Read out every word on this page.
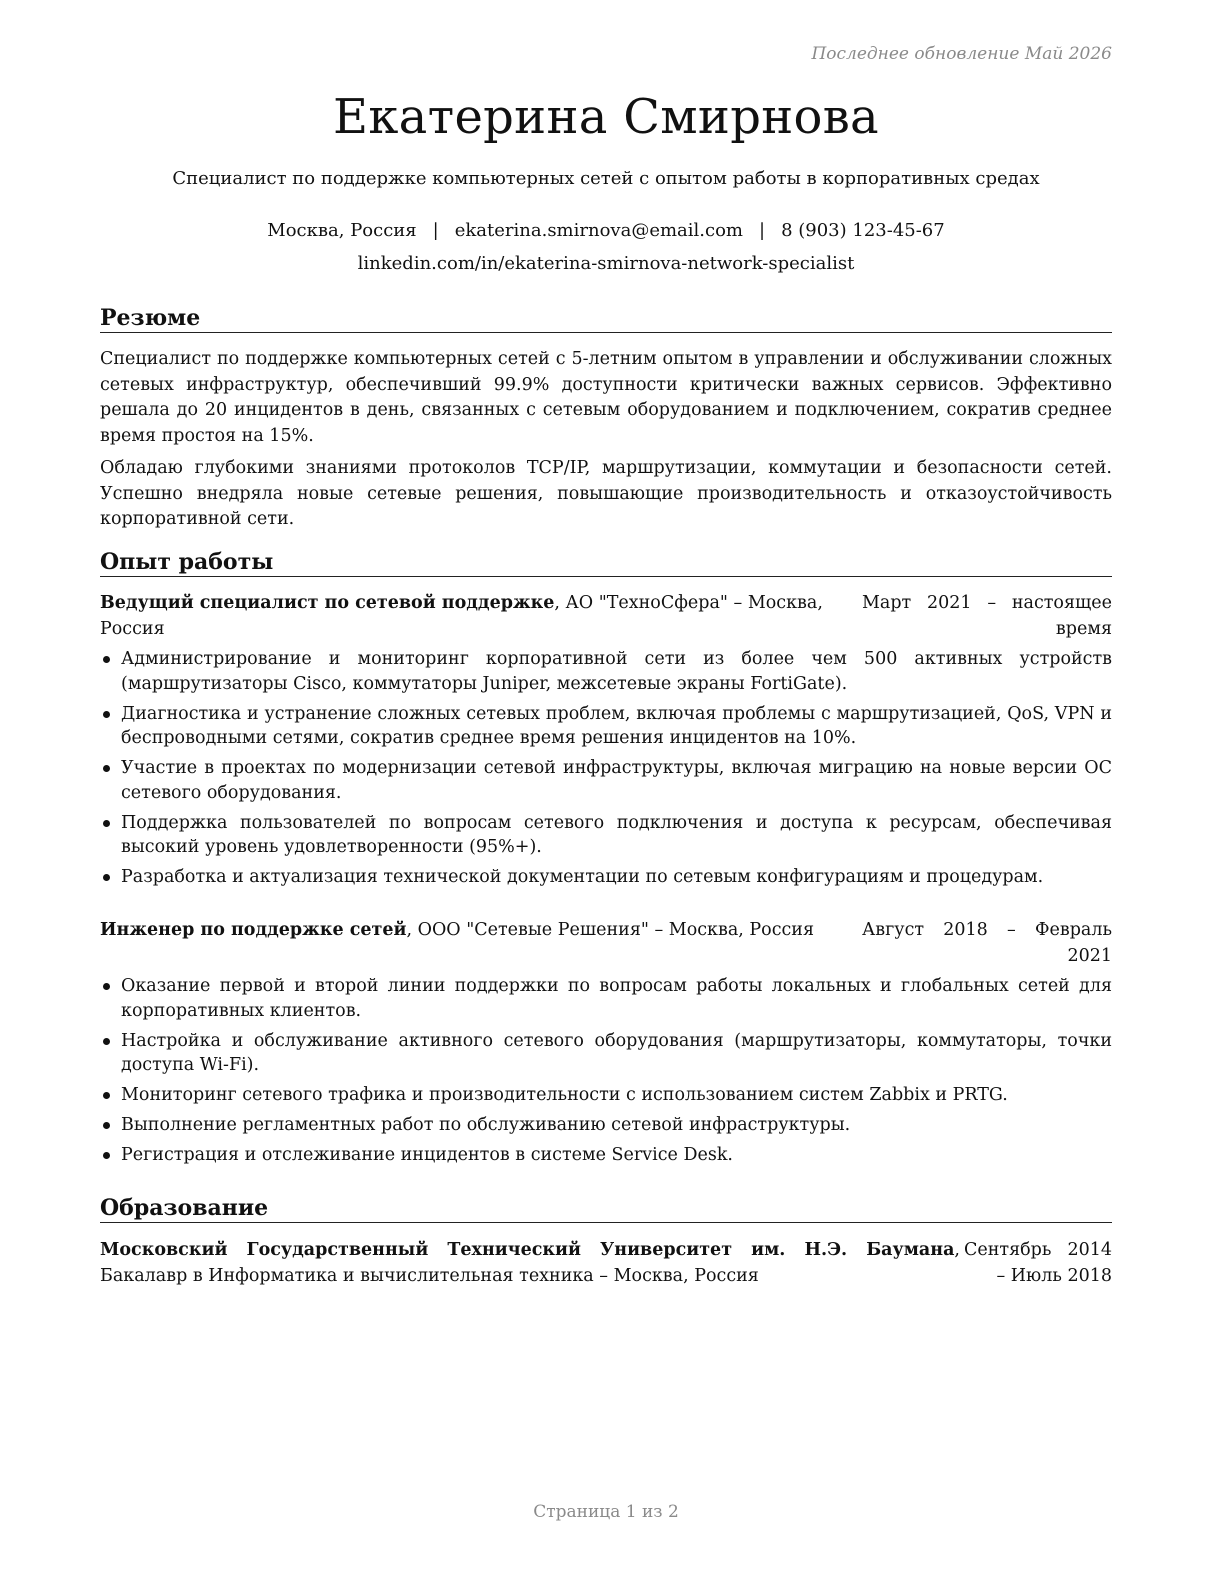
Последнее обновление Май 2026
Екатерина Смирнова
Специалист по поддержке компьютерных сетей с опытом работы в корпоративных средах
Москва, Россия | ekaterina.smirnova@email.com | 8 (903) 123-45-67
linkedin.com/in/ekaterina-smirnova-network-specialist
Резюме
Специалист по поддержке компьютерных сетей с 5-летним опытом в управлении и обслуживании сложных сетевых инфраструктур, обеспечивший 99.9% доступности критически важных сервисов. Эффективно решала до 20 инцидентов в день, связанных с сетевым оборудованием и подключением, сократив среднее время простоя на 15%.
Обладаю глубокими знаниями протоколов TCP/IP, маршрутизации, коммутации и безопасности сетей. Успешно внедряла новые сетевые решения, повышающие производительность и отказоустойчивость корпоративной сети.
Опыт работы
Ведущий специалист по сетевой поддержке, АО "ТехноСфера" – Москва, Россия
Март 2021 – настоящее время
Администрирование и мониторинг корпоративной сети из более чем 500 активных устройств (маршрутизаторы Cisco, коммутаторы Juniper, межсетевые экраны FortiGate).
Диагностика и устранение сложных сетевых проблем, включая проблемы с маршрутизацией, QoS, VPN и беспроводными сетями, сократив среднее время решения инцидентов на 10%.
Участие в проектах по модернизации сетевой инфраструктуры, включая миграцию на новые версии ОС сетевого оборудования.
Поддержка пользователей по вопросам сетевого подключения и доступа к ресурсам, обеспечивая высокий уровень удовлетворенности (95%+).
Разработка и актуализация технической документации по сетевым конфигурациям и процедурам.
Инженер по поддержке сетей, ООО "Сетевые Решения" – Москва, Россия	Август 2018 – Февраль 2021
Оказание первой и второй линии поддержки по вопросам работы локальных и глобальных сетей для корпоративных клиентов.
Настройка и обслуживание активного сетевого оборудования (маршрутизаторы, коммутаторы, точки доступа Wi-Fi).
Мониторинг сетевого трафика и производительности с использованием систем Zabbix и PRTG.
Выполнение регламентных работ по обслуживанию сетевой инфраструктуры.
Регистрация и отслеживание инцидентов в системе Service Desk.
Образование
Московский Государственный Технический Университет им. Н.Э. Баумана, Бакалавр в Информатика и вычислительная техника – Москва, Россия
Сентябрь 2014 – Июль 2018
Страница 1 из 2
